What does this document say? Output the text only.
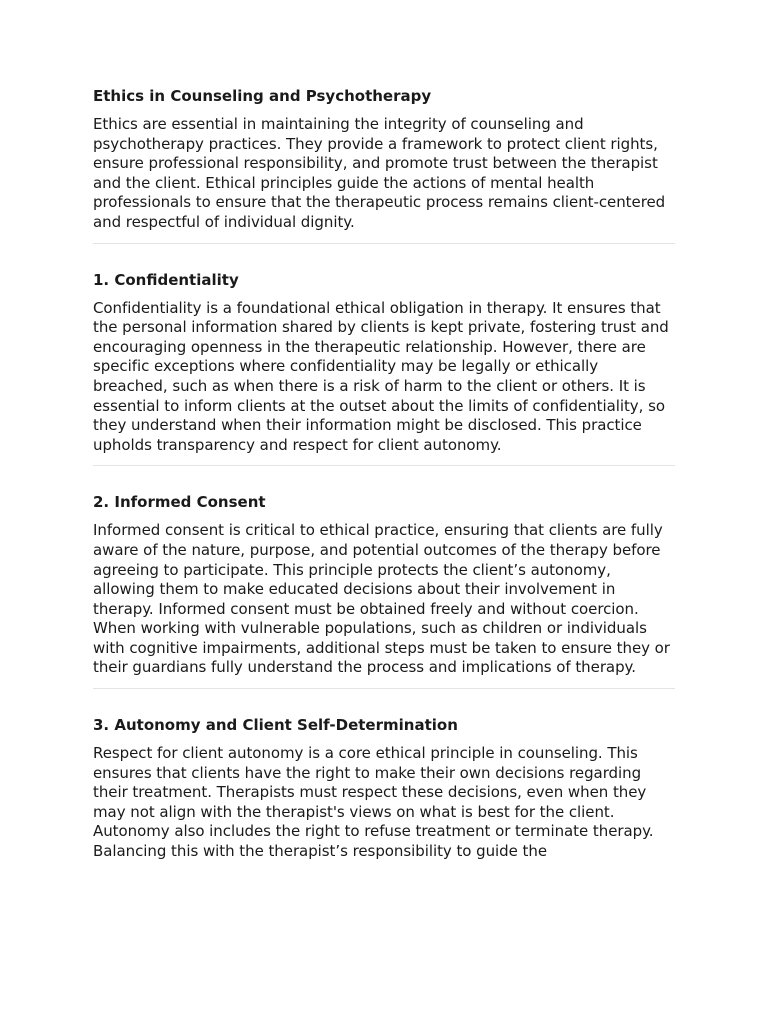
Ethics in Counseling and Psychotherapy

Ethics are essential in maintaining the integrity of counseling and psychotherapy practices. They provide a framework to protect client rights, ensure professional responsibility, and promote trust between the therapist and the client. Ethical principles guide the actions of mental health professionals to ensure that the therapeutic process remains client-centered and respectful of individual dignity.

1. Confidentiality

Confidentiality is a foundational ethical obligation in therapy. It ensures that the personal information shared by clients is kept private, fostering trust and encouraging openness in the therapeutic relationship. However, there are specific exceptions where confidentiality may be legally or ethically breached, such as when there is a risk of harm to the client or others. It is essential to inform clients at the outset about the limits of confidentiality, so they understand when their information might be disclosed. This practice upholds transparency and respect for client autonomy.

2. Informed Consent

Informed consent is critical to ethical practice, ensuring that clients are fully aware of the nature, purpose, and potential outcomes of the therapy before agreeing to participate. This principle protects the client’s autonomy, allowing them to make educated decisions about their involvement in therapy. Informed consent must be obtained freely and without coercion. When working with vulnerable populations, such as children or individuals with cognitive impairments, additional steps must be taken to ensure they or their guardians fully understand the process and implications of therapy.

3. Autonomy and Client Self-Determination

Respect for client autonomy is a core ethical principle in counseling. This ensures that clients have the right to make their own decisions regarding their treatment. Therapists must respect these decisions, even when they may not align with the therapist's views on what is best for the client. Autonomy also includes the right to refuse treatment or terminate therapy. Balancing this with the therapist’s responsibility to guide the
